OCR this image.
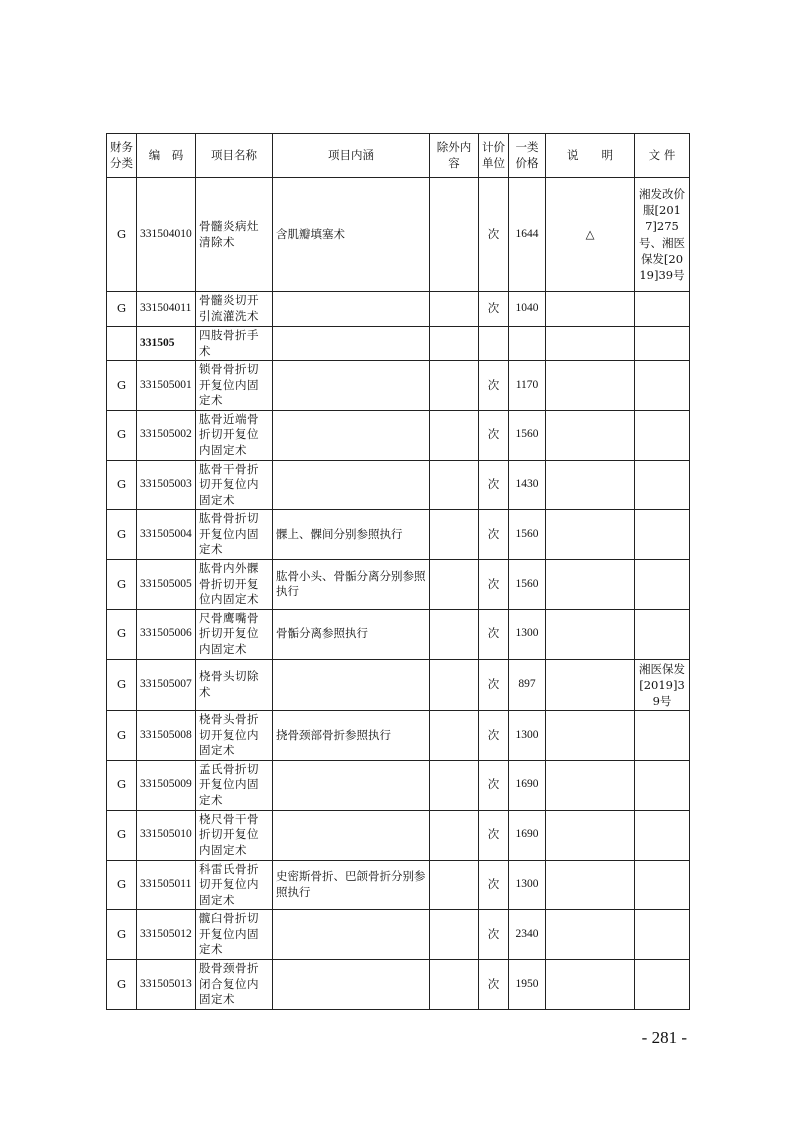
财务分类	编　码	项目名称	项目内涵	除外内容	计价单位	一类价格	说　　明	文 件
G	331504010	骨髓炎病灶清除术	含肌瓣填塞术		次	1644	△	湘发改价服[2017]275号、湘医保发[2019]39号
G	331504011	骨髓炎切开引流灌洗术			次	1040		
	331505	四肢骨折手术						
G	331505001	锁骨骨折切开复位内固定术			次	1170		
G	331505002	肱骨近端骨折切开复位内固定术			次	1560		
G	331505003	肱骨干骨折切开复位内固定术			次	1430		
G	331505004	肱骨骨折切开复位内固定术	髁上、髁间分别参照执行		次	1560		
G	331505005	肱骨内外髁骨折切开复位内固定术	肱骨小头、骨骺分离分别参照执行		次	1560		
G	331505006	尺骨鹰嘴骨折切开复位内固定术	骨骺分离参照执行		次	1300		
G	331505007	桡骨头切除术			次	897		湘医保发[2019]39号
G	331505008	桡骨头骨折切开复位内固定术	挠骨颈部骨折参照执行		次	1300		
G	331505009	孟氏骨折切开复位内固定术			次	1690		
G	331505010	桡尺骨干骨折切开复位内固定术			次	1690		
G	331505011	科雷氏骨折切开复位内固定术	史密斯骨折、巴颌骨折分别参照执行		次	1300		
G	331505012	髋臼骨折切开复位内固定术			次	2340		
G	331505013	股骨颈骨折闭合复位内固定术			次	1950		
- 281 -
